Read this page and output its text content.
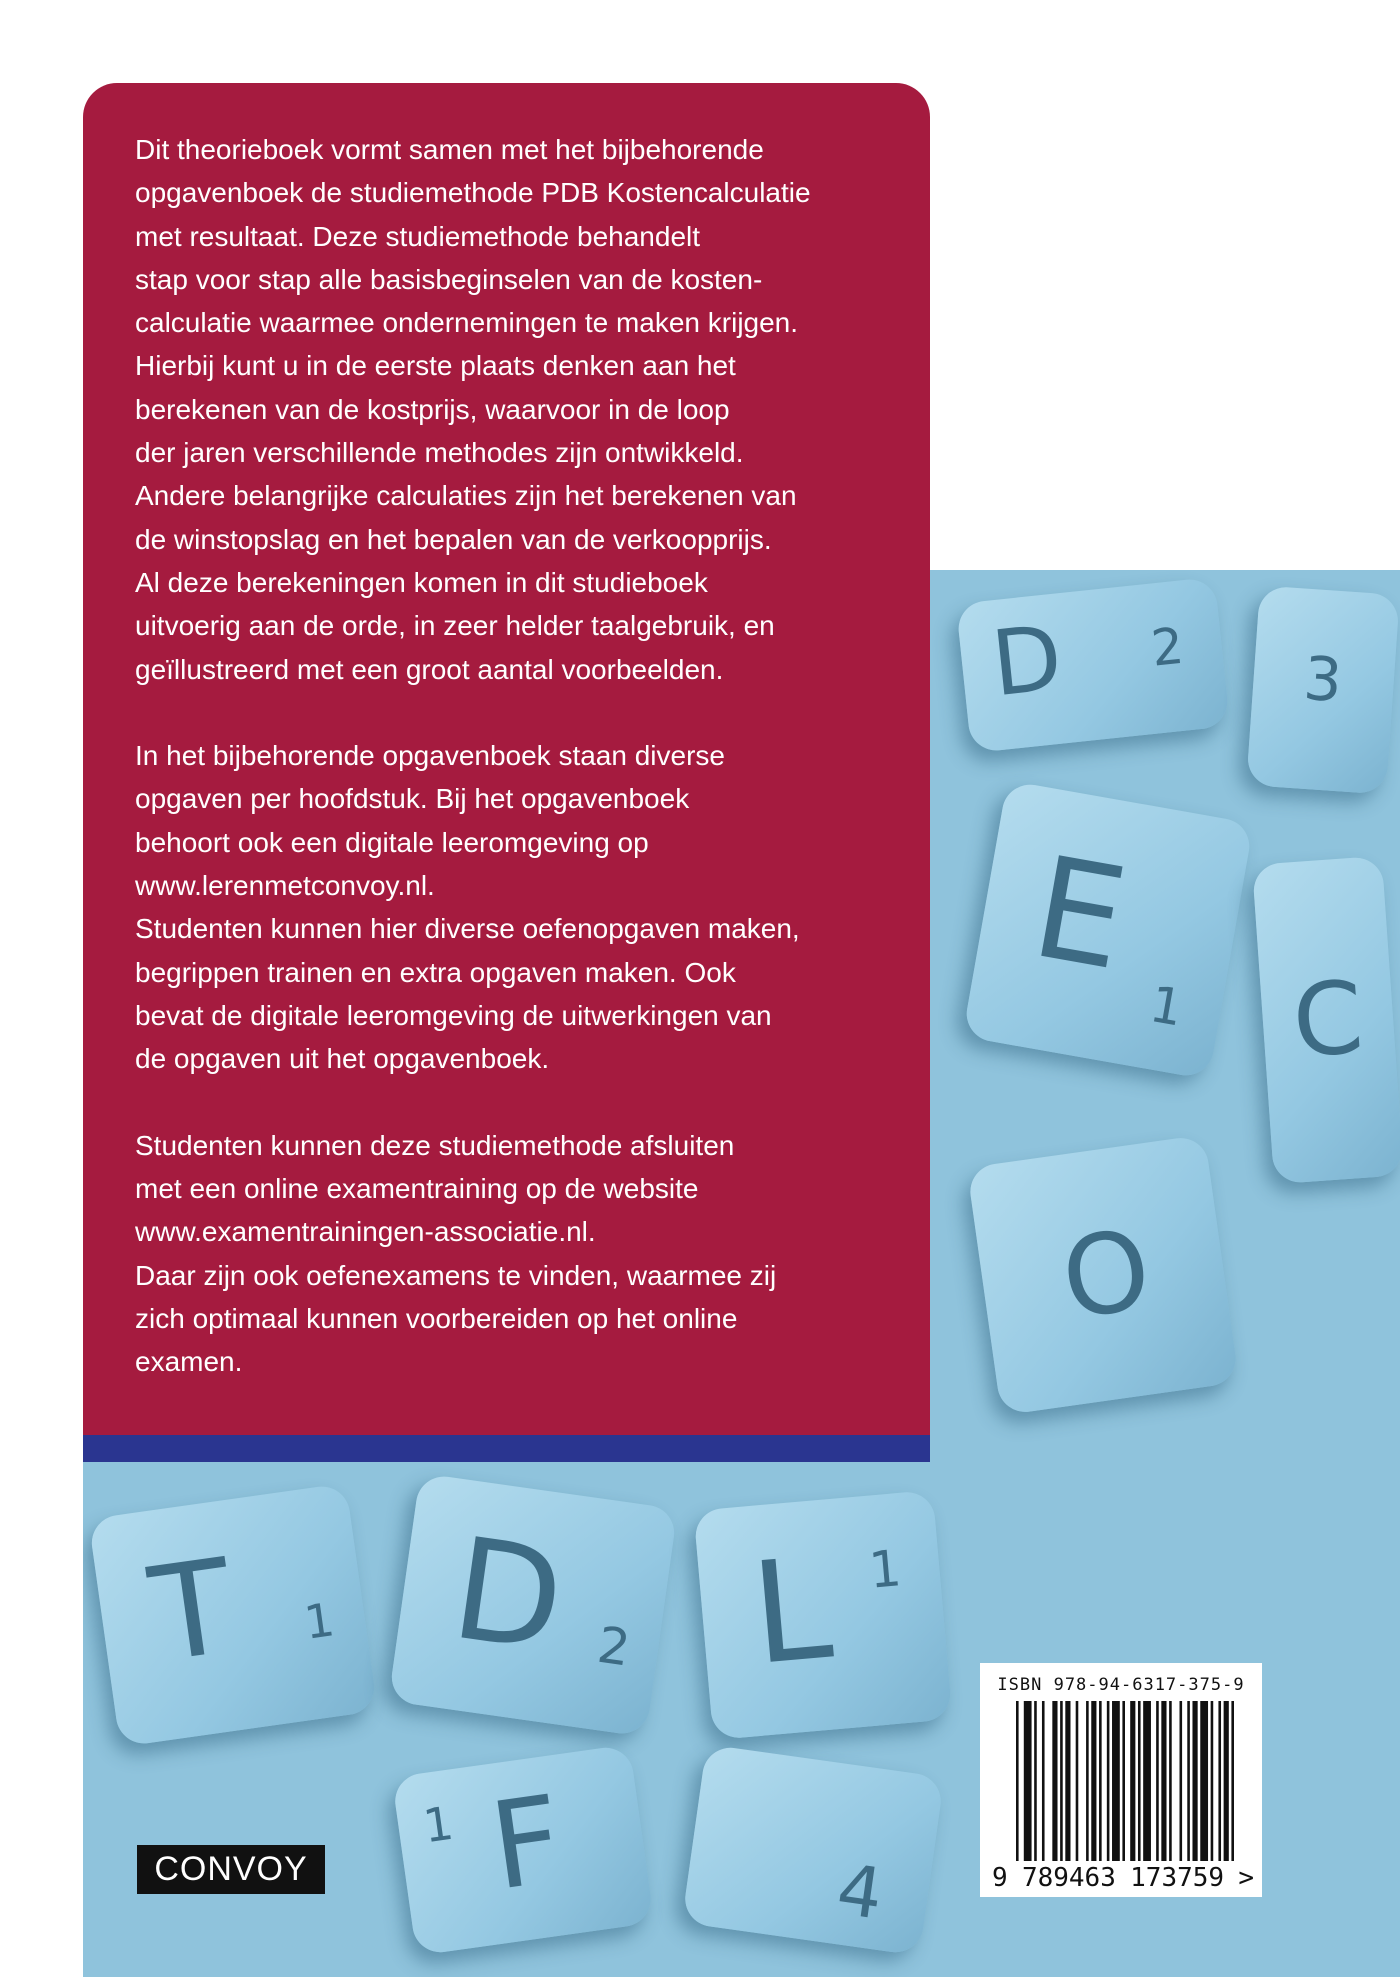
D 2 3
E
1 C
O
T 1 D 2 L 1
F
1
4
Dit theorieboek vormt samen met het bijbehorende
opgavenboek de studiemethode PDB Kostencalculatie
met resultaat. Deze studiemethode behandelt
stap voor stap alle basisbeginselen van de kosten-
calculatie waarmee ondernemingen te maken krijgen.
Hierbij kunt u in de eerste plaats denken aan het
berekenen van de kostprijs, waarvoor in de loop
der jaren verschillende methodes zijn ontwikkeld.
Andere belangrijke calculaties zijn het berekenen van
de winstopslag en het bepalen van de verkoopprijs.
Al deze berekeningen komen in dit studieboek
uitvoerig aan de orde, in zeer helder taalgebruik, en
geïllustreerd met een groot aantal voorbeelden.
In het bijbehorende opgavenboek staan diverse
opgaven per hoofdstuk. Bij het opgavenboek
behoort ook een digitale leeromgeving op
www.lerenmetconvoy.nl.
Studenten kunnen hier diverse oefenopgaven maken,
begrippen trainen en extra opgaven maken. Ook
bevat de digitale leeromgeving de uitwerkingen van
de opgaven uit het opgavenboek.
Studenten kunnen deze studiemethode afsluiten
met een online examentraining op de website
www.examentrainingen-associatie.nl.
Daar zijn ook oefenexamens te vinden, waarmee zij
zich optimaal kunnen voorbereiden op het online
examen.
CONVOY
ISBN 978-94-6317-375-9
9 789463 173759 >
